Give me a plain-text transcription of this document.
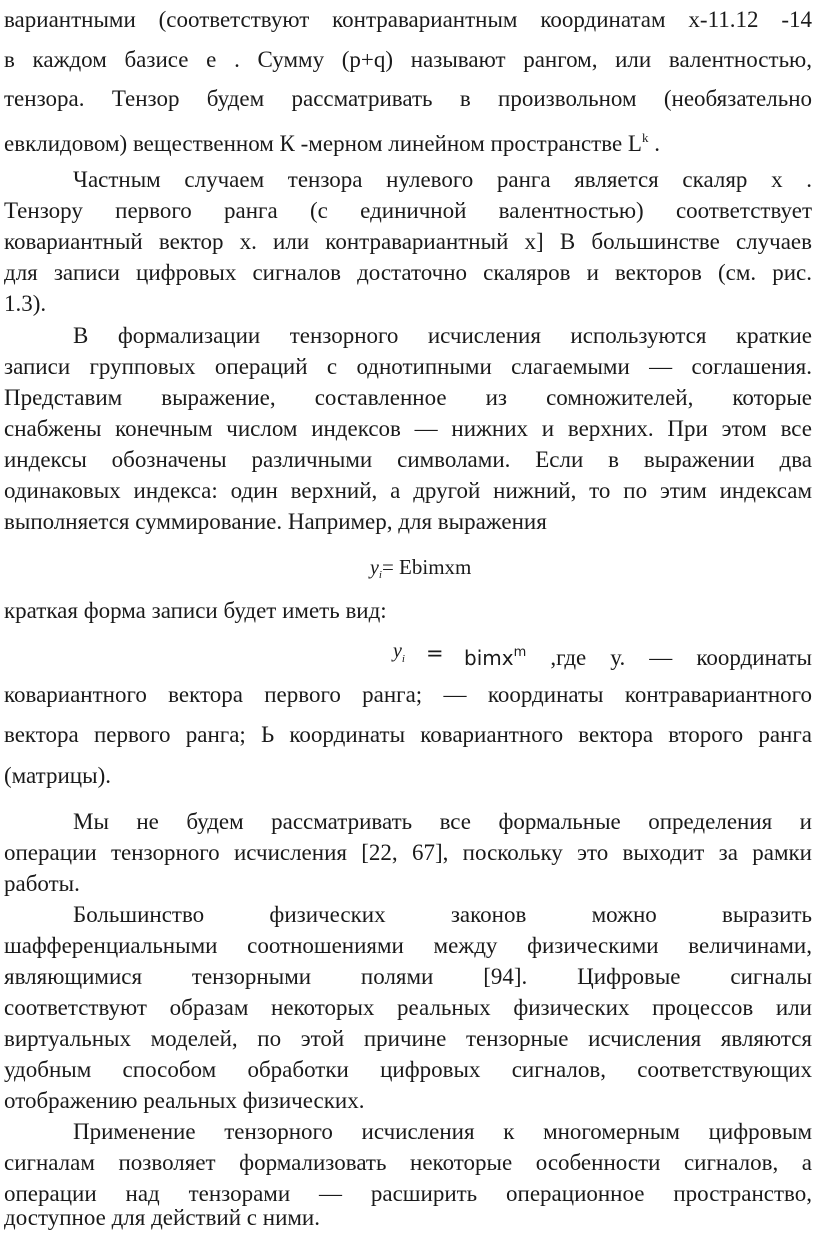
вариантными (соответствуют контравариантным координатам х-11.12 -14
в каждом базисе е . Сумму (р+q) называют рангом, или валентностью,
тензора. Тензор будем рассматривать в произвольном (необязательно
евклидовом) вещественном К -мерном линейном пространстве $L^k$ .
Частным случаем тензора нулевого ранга является скаляр х .
Тензору первого ранга (с единичной валентностью) соответствует
ковариантный вектор х. или контравариантный х] В большинстве случаев
для записи цифровых сигналов достаточно скаляров и векторов (см. рис.
1.3).
В формализации тензорного исчисления используются краткие
записи групповых операций с однотипными слагаемыми — соглашения.
Представим выражение, составленное из сомножителей, которые
снабжены конечным числом индексов — нижних и верхних. При этом все
индексы обозначены различными символами. Если в выражении два
одинаковых индекса: один верхний, а другой нижний, то по этим индексам
выполняется суммирование. Например, для выражения
$y_i=$ Ebimxm
краткая форма записи будет иметь вид:
$y_i$ = bimx$^m$ ,где у. — координаты
ковариантного вектора первого ранга; — координаты контравариантного
вектора первого ранга; Ь координаты ковариантного вектора второго ранга
(матрицы).
Мы не будем рассматривать все формальные определения и
операции тензорного исчисления [22, 67], поскольку это выходит за рамки
работы.
Большинство физических законов можно выразить
шафференциальными соотношениями между физическими величинами,
являющимися тензорными полями [94]. Цифровые сигналы
соответствуют образам некоторых реальных физических процессов или
виртуальных моделей, по этой причине тензорные исчисления являются
удобным способом обработки цифровых сигналов, соответствующих
отображению реальных физических.
Применение тензорного исчисления к многомерным цифровым
сигналам позволяет формализовать некоторые особенности сигналов, а
операции над тензорами — расширить операционное пространство,
доступное для действий с ними.
